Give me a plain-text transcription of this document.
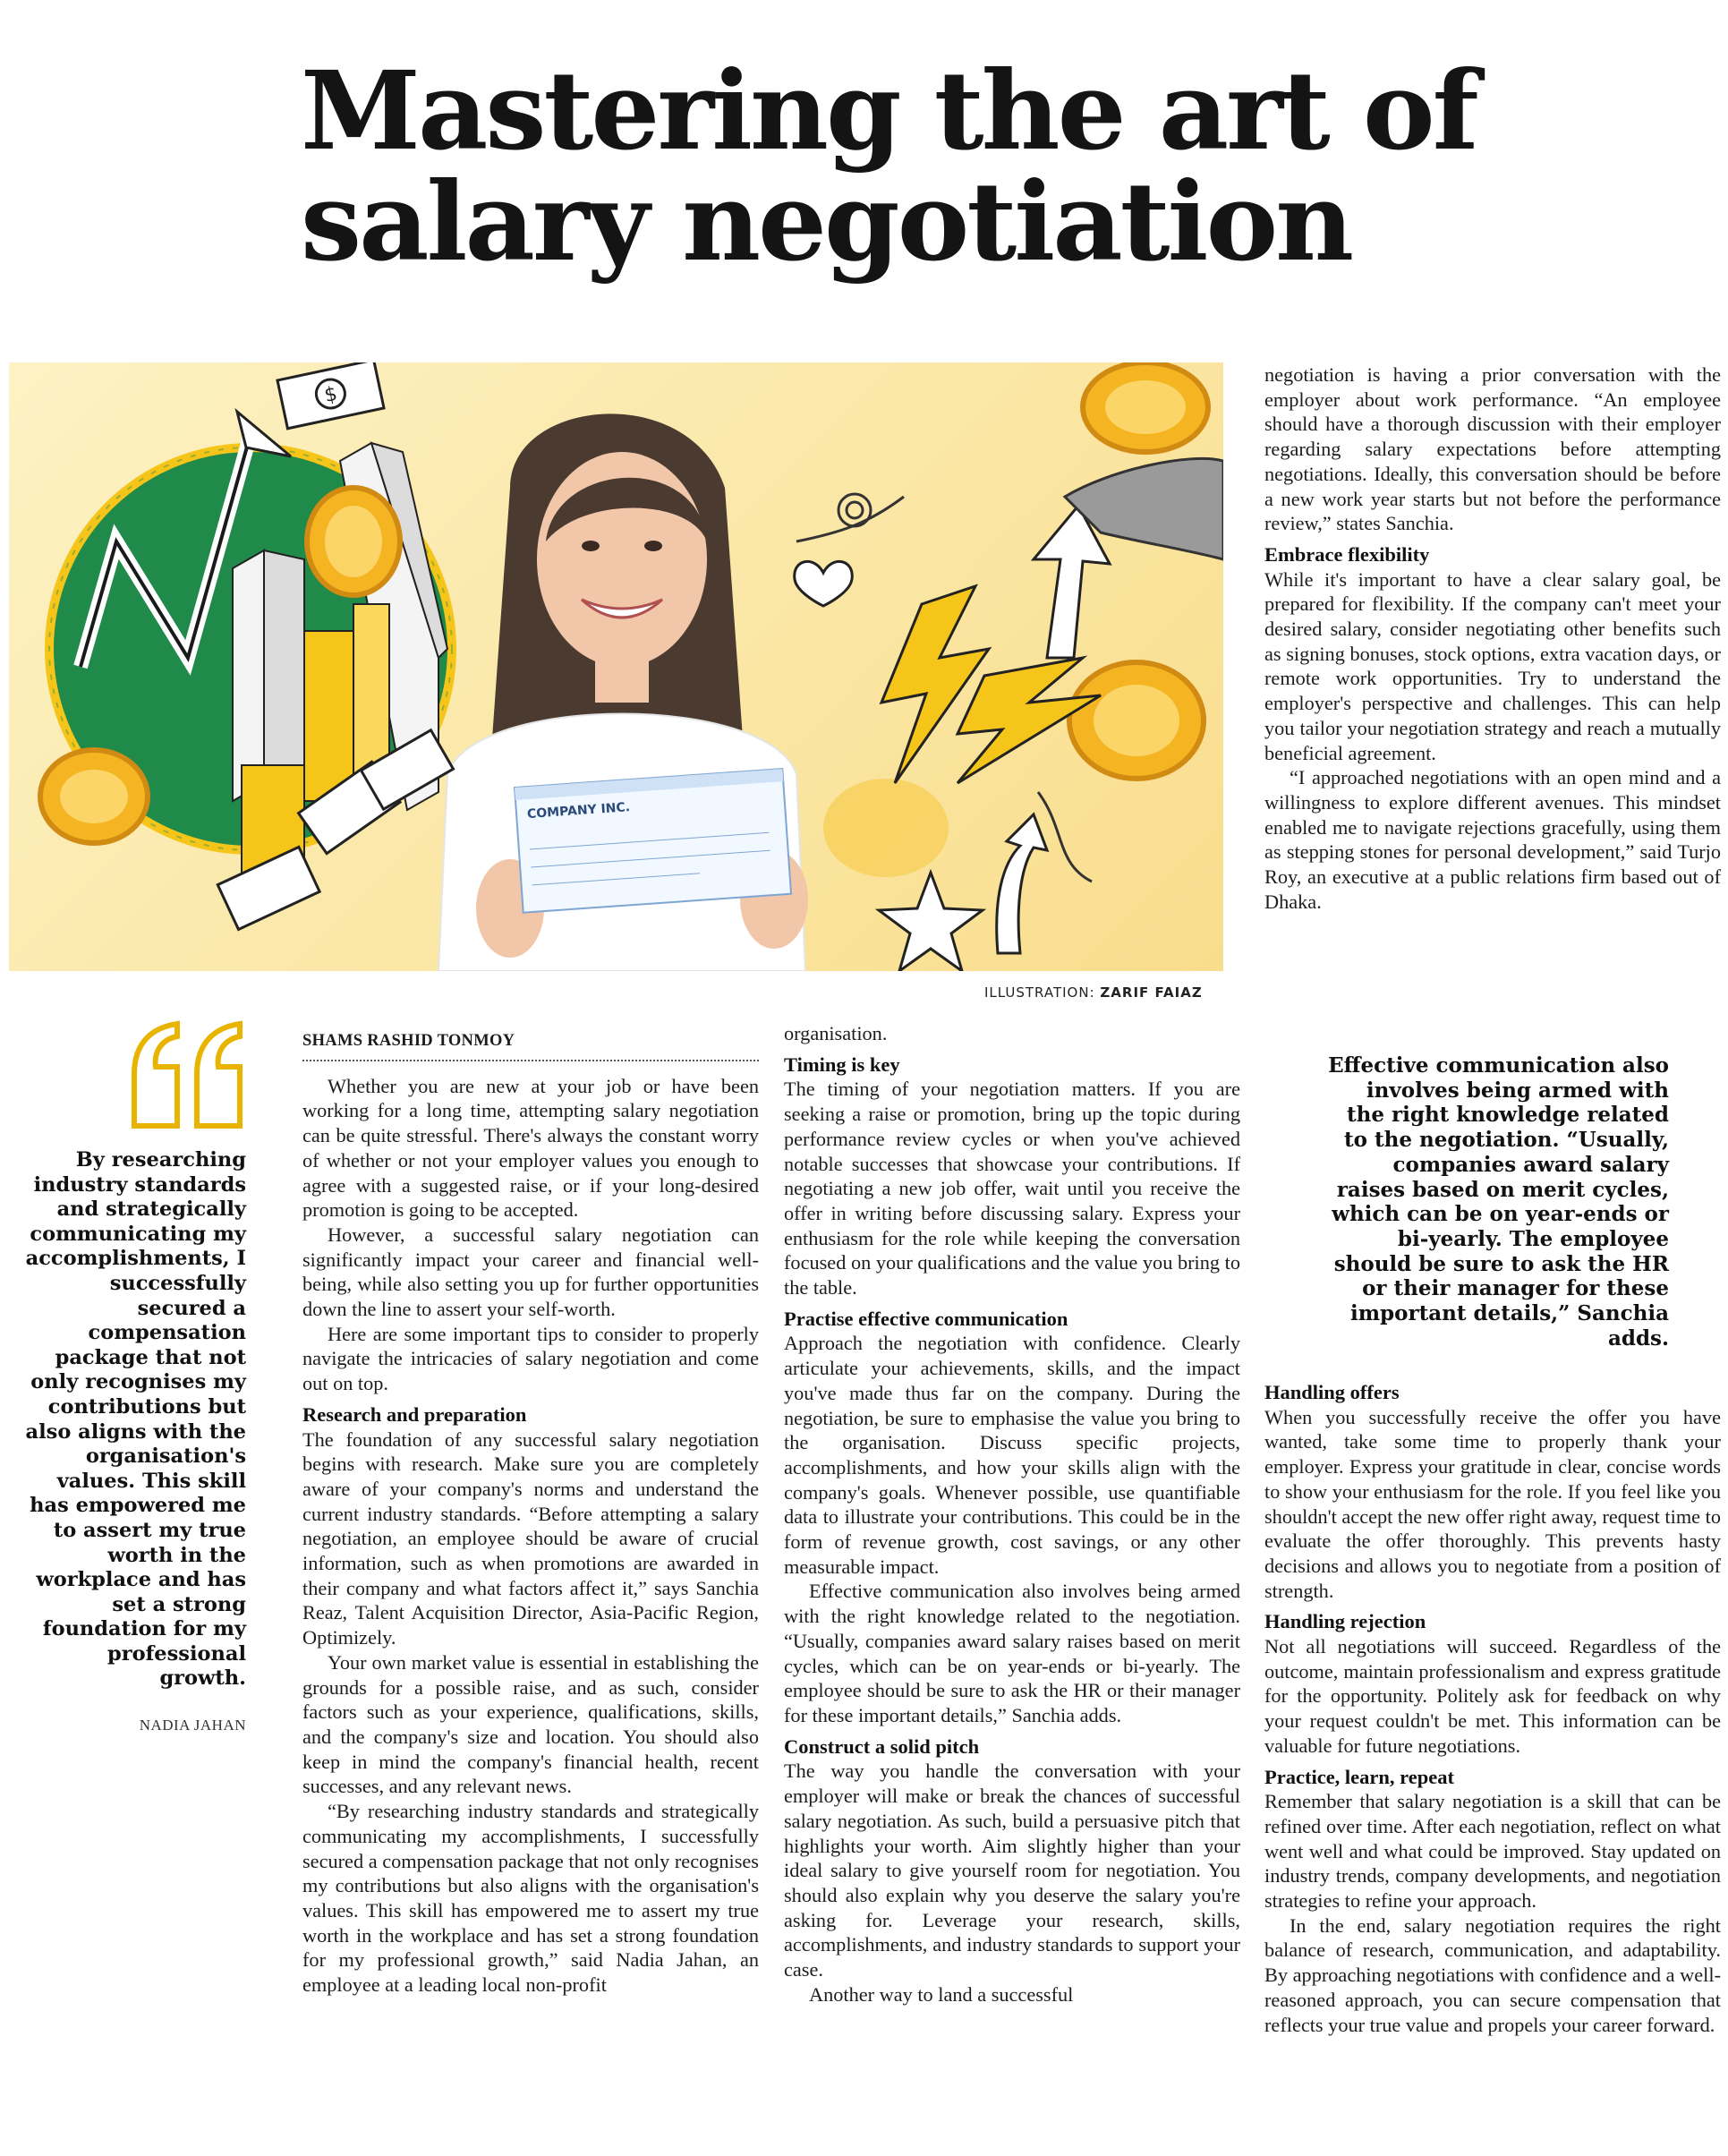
Mastering the art of salary negotiation
$
COMPANY INC.
ILLUSTRATION: ZARIF FAIAZ
By researching industry standards and strategically communicating my accomplishments, I successfully secured a compensation package that not only recognises my contributions but also aligns with the organisation's values. This skill has empowered me to assert my true worth in the workplace and has set a strong foundation for my professional growth.
NADIA JAHAN
SHAMS RASHID TONMOY

Whether you are new at your job or have been working for a long time, attempting salary negotiation can be quite stressful. There's always the constant worry of whether or not your employer values you enough to agree with a suggested raise, or if your long-desired promotion is going to be accepted.

However, a successful salary negotiation can significantly impact your career and financial well-being, while also setting you up for further opportunities down the line to assert your self-worth.

Here are some important tips to consider to properly navigate the intricacies of salary negotiation and come out on top.

Research and preparation

The foundation of any successful salary negotiation begins with research. Make sure you are completely aware of your company's norms and understand the current industry standards. “Before attempting a salary negotiation, an employee should be aware of crucial information, such as when promotions are awarded in their company and what factors affect it,” says Sanchia Reaz, Talent Acquisition Director, Asia-Pacific Region, Optimizely.

Your own market value is essential in establishing the grounds for a possible raise, and as such, consider factors such as your experience, qualifications, skills, and the company's size and location. You should also keep in mind the company's financial health, recent successes, and any relevant news.

“By researching industry standards and strategically communicating my accomplishments, I successfully secured a compensation package that not only recognises my contributions but also aligns with the organisation's values. This skill has empowered me to assert my true worth in the workplace and has set a strong foundation for my professional growth,” said Nadia Jahan, an employee at a leading local non-profit

organisation.

Timing is key

The timing of your negotiation matters. If you are seeking a raise or promotion, bring up the topic during performance review cycles or when you've achieved notable successes that showcase your contributions. If negotiating a new job offer, wait until you receive the offer in writing before discussing salary. Express your enthusiasm for the role while keeping the conversation focused on your qualifications and the value you bring to the table.

Practise effective communication

Approach the negotiation with confidence. Clearly articulate your achievements, skills, and the impact you've made thus far on the company. During the negotiation, be sure to emphasise the value you bring to the organisation. Discuss specific projects, accomplishments, and how your skills align with the company's goals. Whenever possible, use quantifiable data to illustrate your contributions. This could be in the form of revenue growth, cost savings, or any other measurable impact.

Effective communication also involves being armed with the right knowledge related to the negotiation. “Usually, companies award salary raises based on merit cycles, which can be on year-ends or bi-yearly. The employee should be sure to ask the HR or their manager for these important details,” Sanchia adds.

Construct a solid pitch

The way you handle the conversation with your employer will make or break the chances of successful salary negotiation. As such, build a persuasive pitch that highlights your worth. Aim slightly higher than your ideal salary to give yourself room for negotiation. You should also explain why you deserve the salary you're asking for. Leverage your research, skills, accomplishments, and industry standards to support your case.

Another way to land a successful

negotiation is having a prior conversation with the employer about work performance. “An employee should have a thorough discussion with their employer regarding salary expectations before attempting negotiations. Ideally, this conversation should be before a new work year starts but not before the performance review,” states Sanchia.

Embrace flexibility

While it's important to have a clear salary goal, be prepared for flexibility. If the company can't meet your desired salary, consider negotiating other benefits such as signing bonuses, stock options, extra vacation days, or remote work opportunities. Try to understand the employer's perspective and challenges. This can help you tailor your negotiation strategy and reach a mutually beneficial agreement.

“I approached negotiations with an open mind and a willingness to explore different avenues. This mindset enabled me to navigate rejections gracefully, using them as stepping stones for personal development,” said Turjo Roy, an executive at a public relations firm based out of Dhaka.

Effective communication also involves being armed with the right knowledge related to the negotiation. “Usually, companies award salary raises based on merit cycles, which can be on year-ends or bi-yearly. The employee should be sure to ask the HR or their manager for these important details,” Sanchia adds.
Handling offers

When you successfully receive the offer you have wanted, take some time to properly thank your employer. Express your gratitude in clear, concise words to show your enthusiasm for the role. If you feel like you shouldn't accept the new offer right away, request time to evaluate the offer thoroughly. This prevents hasty decisions and allows you to negotiate from a position of strength.

Handling rejection

Not all negotiations will succeed. Regardless of the outcome, maintain professionalism and express gratitude for the opportunity. Politely ask for feedback on why your request couldn't be met. This information can be valuable for future negotiations.

Practice, learn, repeat

Remember that salary negotiation is a skill that can be refined over time. After each negotiation, reflect on what went well and what could be improved. Stay updated on industry trends, company developments, and negotiation strategies to refine your approach.

In the end, salary negotiation requires the right balance of research, communication, and adaptability. By approaching negotiations with confidence and a well-reasoned approach, you can secure compensation that reflects your true value and propels your career forward.
